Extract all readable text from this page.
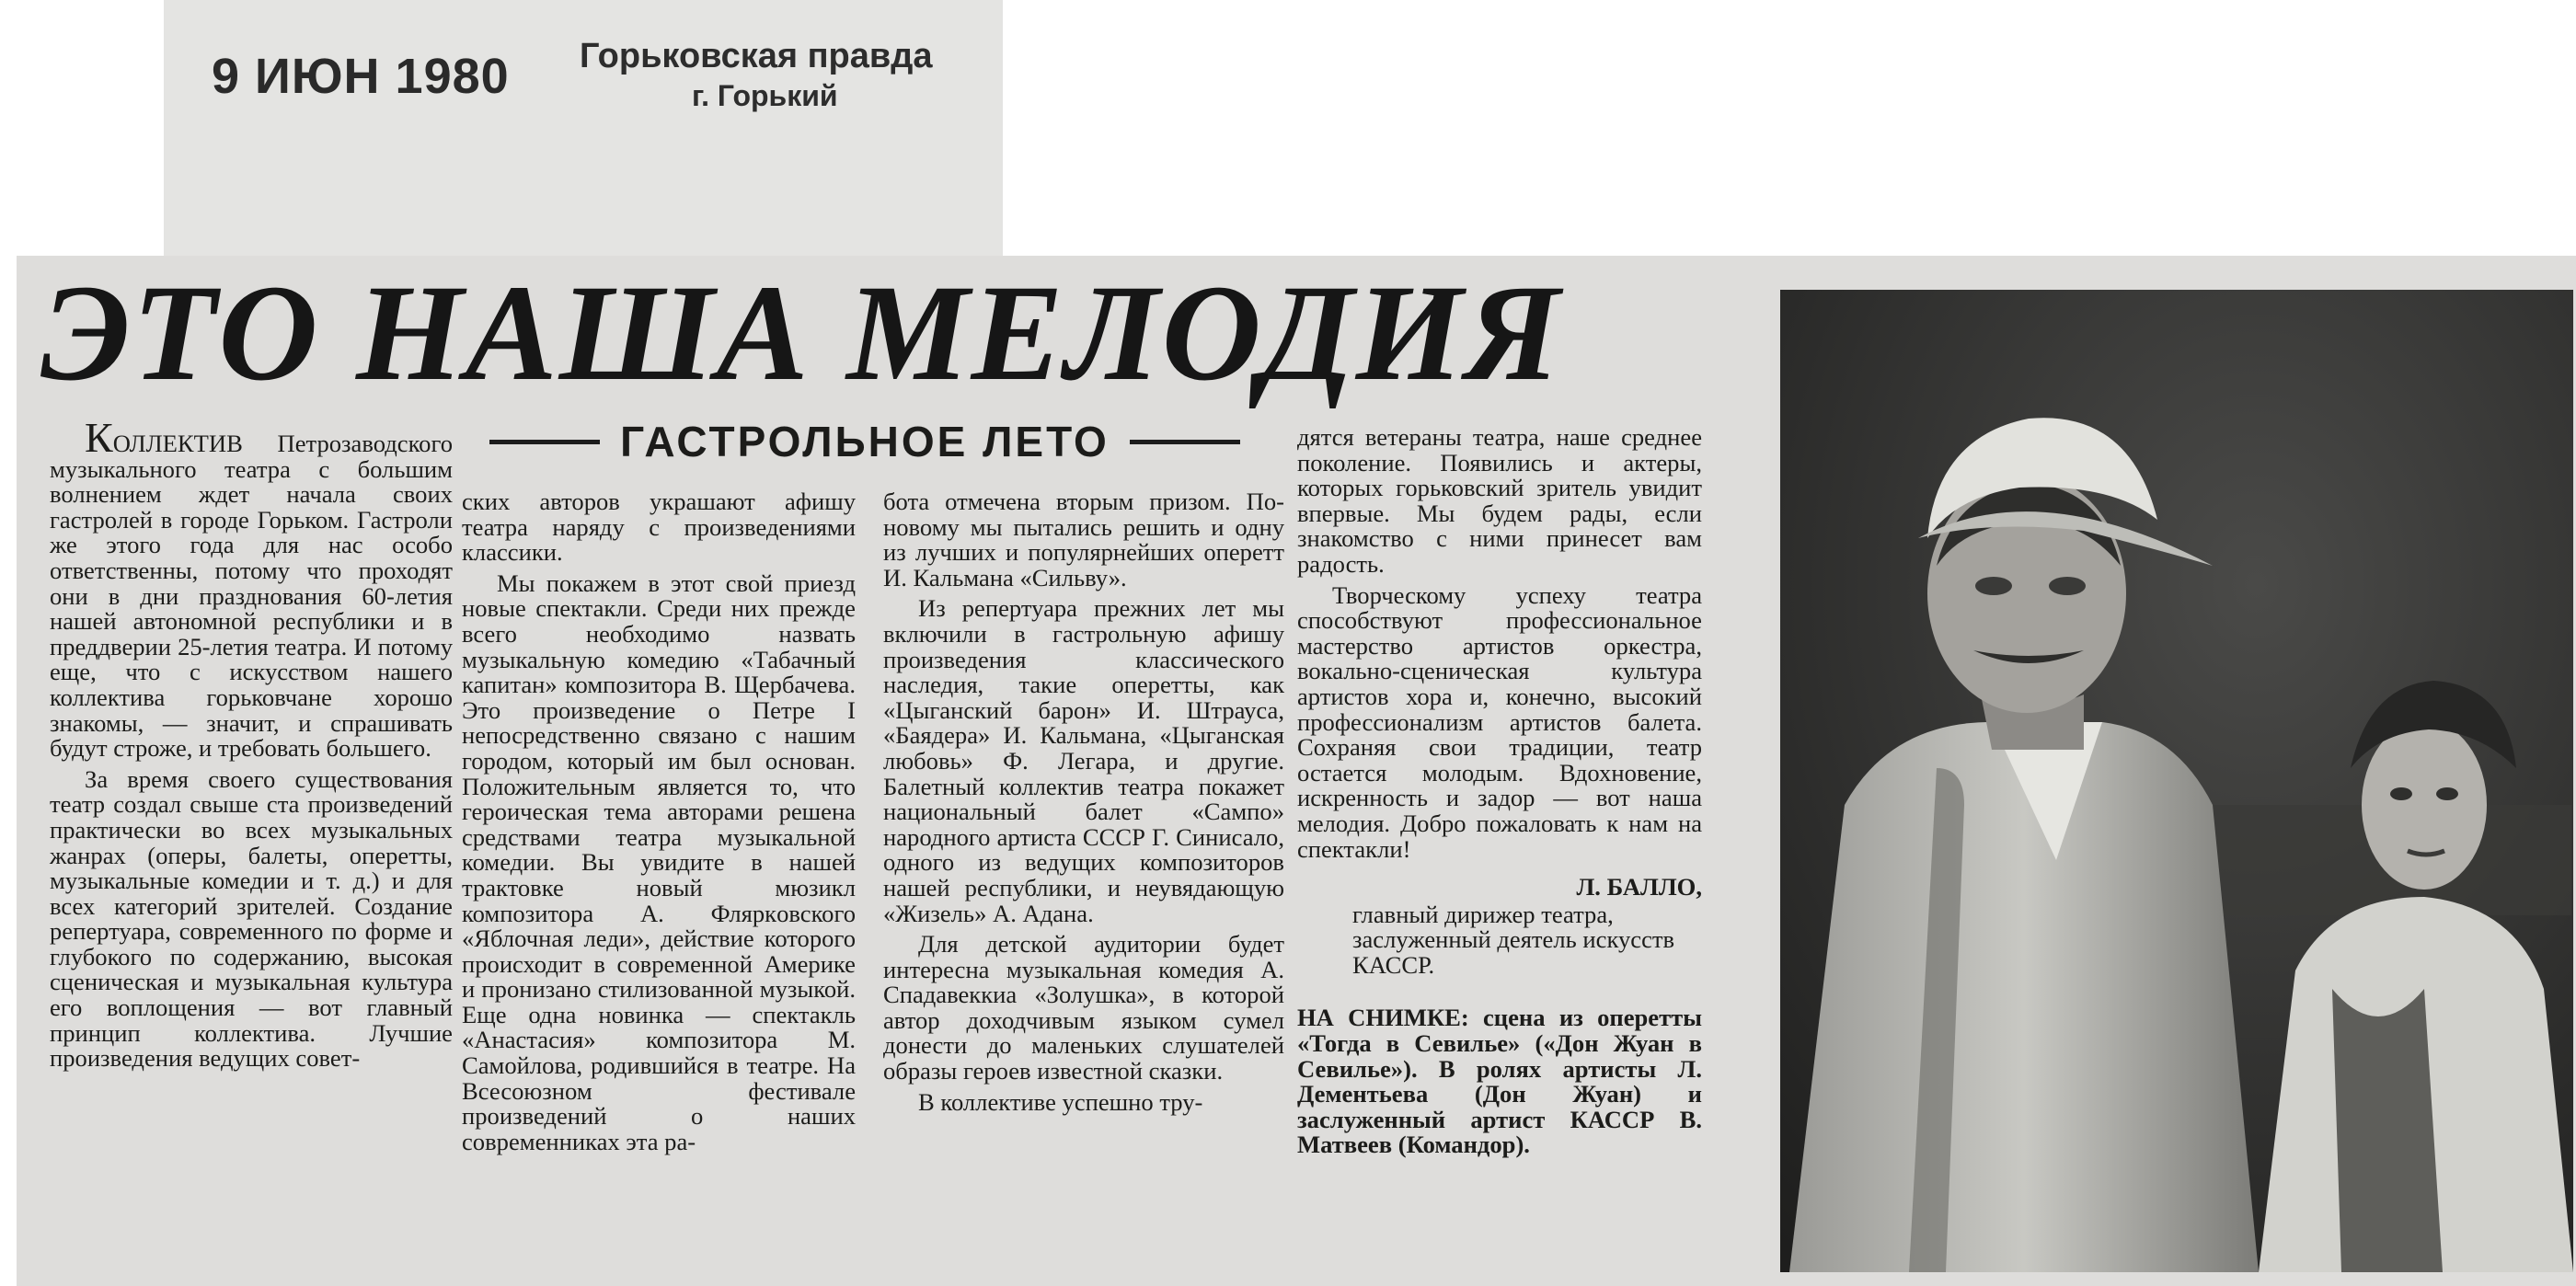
9 ИЮН 1980 Горьковская правда
г. Горький
ЭТО НАША МЕЛОДИЯ
ГАСТРОЛЬНОЕ ЛЕТО

КОЛЛЕКТИВ Петрозаводского музыкального театра с большим волнением ждет начала своих гастролей в городе Горьком. Гастроли же этого года для нас особо ответственны, потому что проходят они в дни празднования 60-летия нашей автономной республики и в преддверии 25-летия театра. И потому еще, что с искусством нашего коллектива горьковчане хорошо знакомы, — значит, и спрашивать будут строже, и требовать большего.

За время своего существования театр создал свыше ста произведений практически во всех музыкальных жанрах (оперы, балеты, оперетты, музыкальные комедии и т. д.) и для всех категорий зрителей. Создание репертуара, современного по форме и глубокого по содержанию, высокая сценическая и музыкальная культура его воплощения — вот главный принцип коллектива. Лучшие произведения ведущих совет-

ских авторов украшают афишу театра наряду с произведениями классики.

Мы покажем в этот свой приезд новые спектакли. Среди них прежде всего необходимо назвать музыкальную комедию «Табачный капитан» композитора В. Щербачева. Это произведение о Петре I непосредственно связано с нашим городом, который им был основан. Положительным является то, что героическая тема авторами решена средствами театра музыкальной комедии. Вы увидите в нашей трактовке новый мюзикл композитора А. Фляркoвского «Яблочная леди», действие которого происходит в современной Америке и пронизано стилизованной музыкой. Еще одна новинка — спектакль «Анастасия» композитора М. Самойлова, родившийся в театре. На Всесоюзном фестивале произведений о наших современниках эта ра-

бота отмечена вторым призом. По-новому мы пытались решить и одну из лучших и популярнейших оперетт И. Кальмана «Сильву».

Из репертуара прежних лет мы включили в гастрольную афишу произведения классического наследия, такие оперетты, как «Цыганский барон» И. Штрауса, «Баядера» И. Кальмана, «Цыганская любовь» Ф. Легара, и другие. Балетный коллектив театра покажет национальный балет «Сампо» народного артиста СССР Г. Синисало, одного из ведущих композиторов нашей республики, и неувядающую «Жизель» А. Адана.

Для детской аудитории будет интересна музыкальная комедия А. Спадавеккиа «Золушка», в которой автор доходчивым языком сумел донести до маленьких слушателей образы героев известной сказки.

В коллективе успешно тру-

дятся ветераны театра, наше среднее поколение. Появились и актеры, которых горьковский зритель увидит впервые. Мы будем рады, если знакомство с ними принесет вам радость.

Творческому успеху театра способствуют профессиональное мастерство артистов оркестра, вокально-сценическая культура артистов хора и, конечно, высокий профессионализм артистов балета. Сохраняя свои традиции, театр остается молодым. Вдохновение, искренность и задор — вот наша мелодия. Добро пожаловать к нам на спектакли!

Л. БАЛЛО,

главный дирижер театра, заслуженный деятель искусств КАССР.

НА СНИМКЕ: сцена из оперетты «Тогда в Севилье» («Дон Жуан в Севилье»). В ролях артисты Л. Дементьева (Дон Жуан) и заслуженный артист КАССР В. Матвеев (Командор).
